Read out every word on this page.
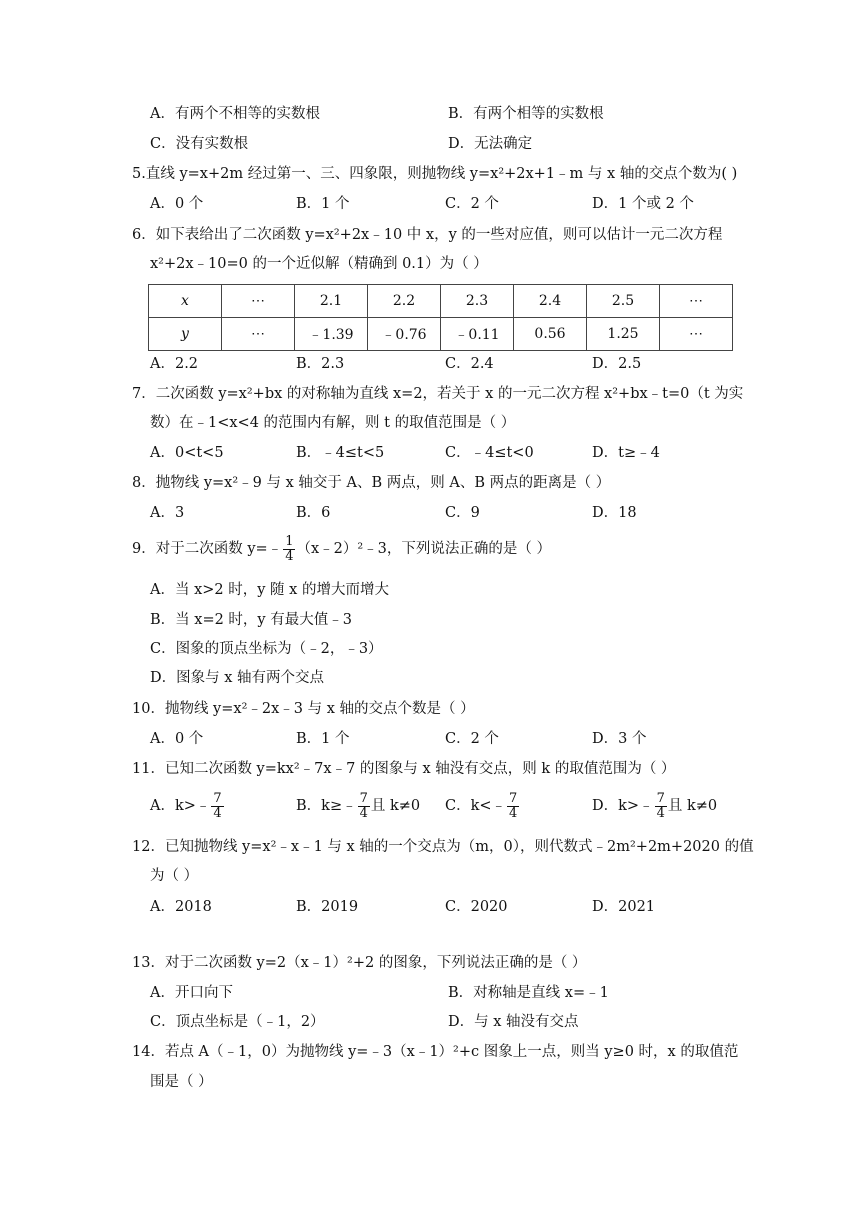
A．有两个不相等的实数根	B．有两个相等的实数根
C．没有实数根	D．无法确定
5.直线 y=x+2m 经过第一、三、四象限，则抛物线 y=x²+2x+1﹣m 与 x 轴的交点个数为( )
A．0 个	B．1 个	C．2 个	D．1 个或 2 个
6．如下表给出了二次函数 y=x²+2x﹣10 中 x，y 的一些对应值，则可以估计一元二次方程
x²+2x﹣10=0 的一个近似解（精确到 0.1）为（ ）
x	⋯	2.1	2.2	2.3	2.4	2.5	⋯
y	⋯	﹣1.39	﹣0.76	﹣0.11	0.56	1.25	⋯
A．2.2	B．2.3	C．2.4	D．2.5
7．二次函数 y=x²+bx 的对称轴为直线 x=2，若关于 x 的一元二次方程 x²+bx﹣t=0（t 为实
数）在﹣1<x<4 的范围内有解，则 t 的取值范围是（ ）
A．0<t<5	B．﹣4≤t<5	C．﹣4≤t<0	D．t≥﹣4
8．抛物线 y=x²﹣9 与 x 轴交于 A、B 两点，则 A、B 两点的距离是（ ）
A．3	B．6	C．9	D．18
9．对于二次函数 y=﹣ $\frac{1}{4}$ （x﹣2）²﹣3，下列说法正确的是（ ）
A．当 x>2 时，y 随 x 的增大而增大
B．当 x=2 时，y 有最大值﹣3
C．图象的顶点坐标为（﹣2，﹣3）
D．图象与 x 轴有两个交点
10．抛物线 y=x²﹣2x﹣3 与 x 轴的交点个数是（ ）
A．0 个	B．1 个	C．2 个	D．3 个
11．已知二次函数 y=kx²﹣7x﹣7 的图象与 x 轴没有交点，则 k 的取值范围为（ ）
A．k>﹣ $\frac{7}{4}$	B．k≥﹣ $\frac{7}{4}$ 且 k≠0 C．k<﹣ $\frac{7}{4}$	D．k>﹣ $\frac{7}{4}$ 且 k≠0
12．已知抛物线 y=x²﹣x﹣1 与 x 轴的一个交点为（m，0），则代数式﹣2m²+2m+2020 的值
为（ ）
A．2018	B．2019	C．2020	D．2021
13．对于二次函数 y=2（x﹣1）²+2 的图象，下列说法正确的是（ ）
A．开口向下	B．对称轴是直线 x=﹣1
C．顶点坐标是（﹣1，2）	D．与 x 轴没有交点
14．若点 A（﹣1，0）为抛物线 y=﹣3（x﹣1）²+c 图象上一点，则当 y≥0 时，x 的取值范
围是（ ）
